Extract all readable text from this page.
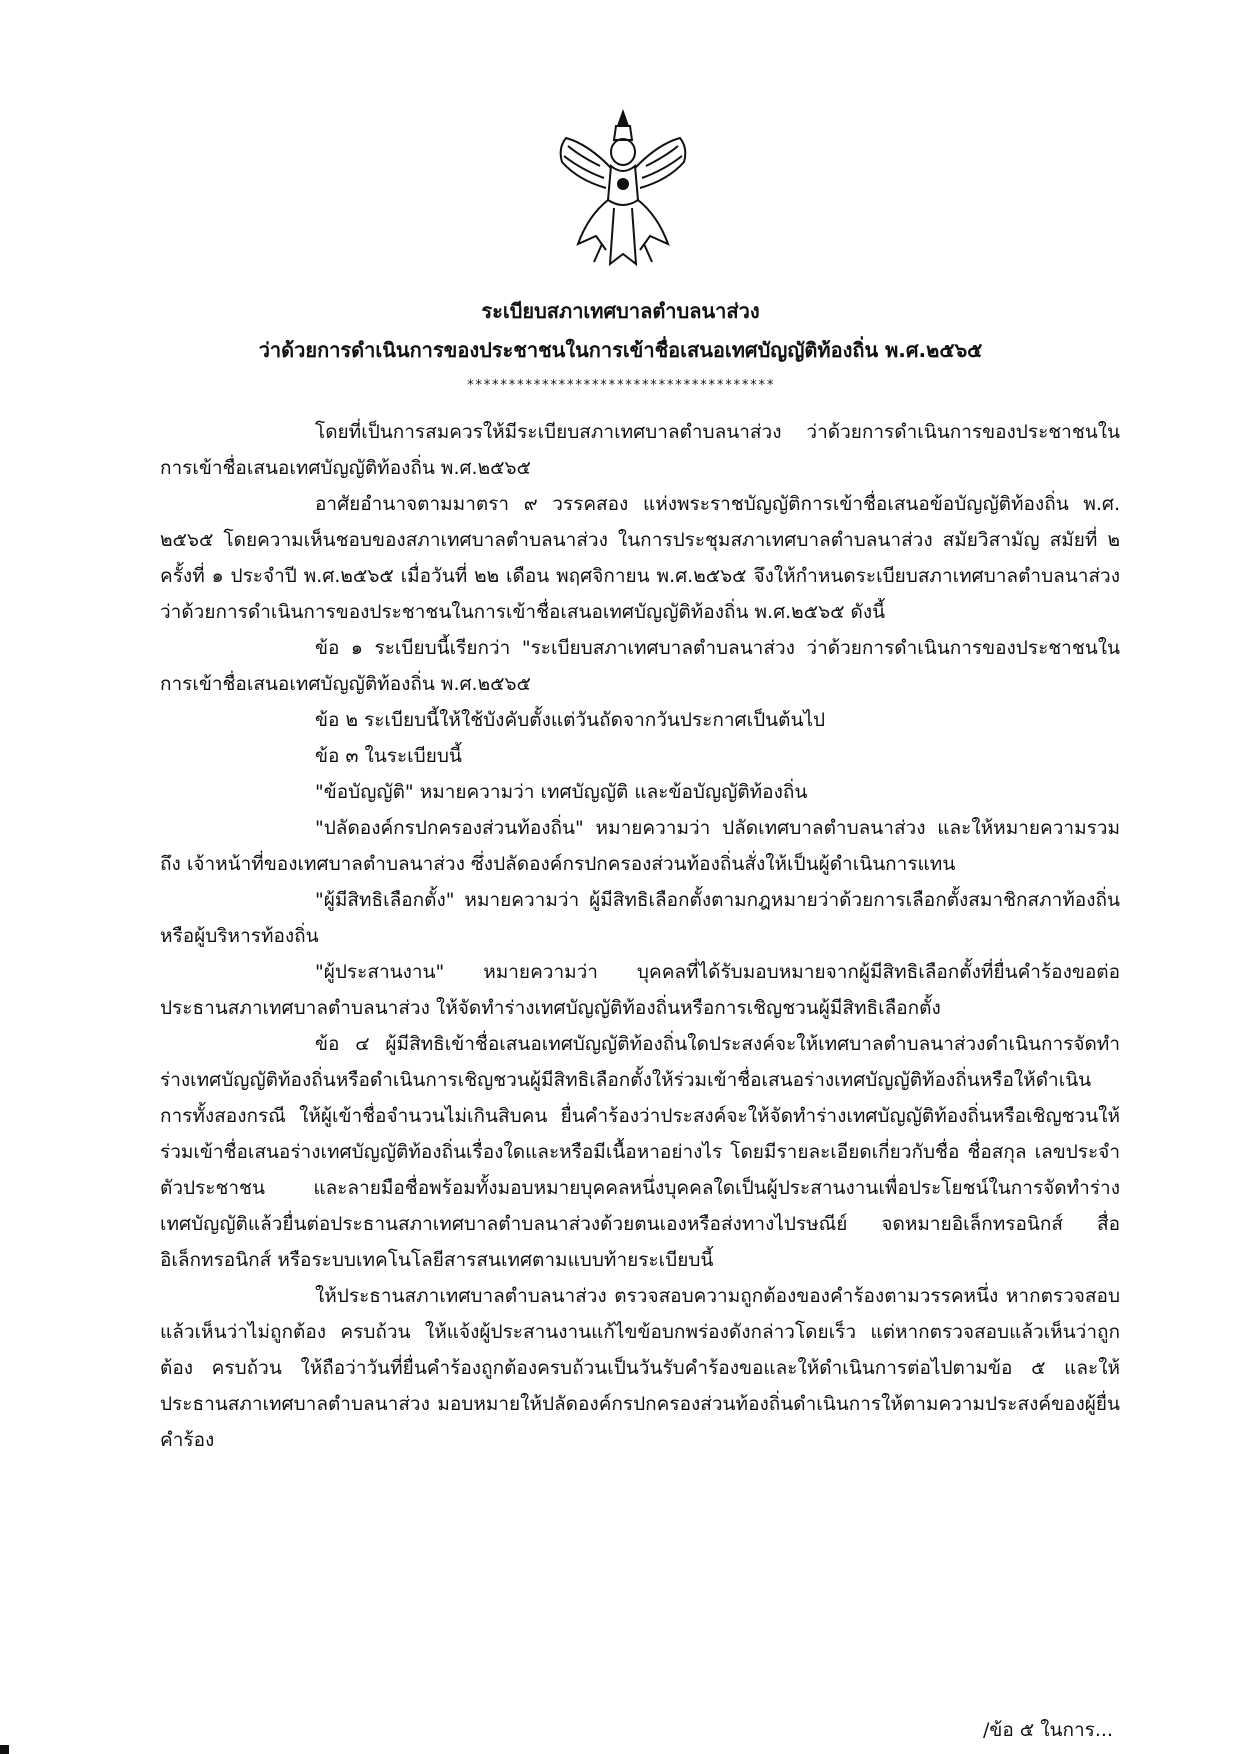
ระเบียบสภาเทศบาลตำบลนาส่วง
ว่าด้วยการดำเนินการของประชาชนในการเข้าชื่อเสนอเทศบัญญัติท้องถิ่น พ.ศ.๒๕๖๕
*************************************

โดยที่เป็นการสมควรให้มีระเบียบสภาเทศบาลตำบลนาส่วง ว่าด้วยการดำเนินการของประชาชนในการเข้าชื่อเสนอเทศบัญญัติท้องถิ่น พ.ศ.๒๕๖๕

อาศัยอำนาจตามมาตรา ๙ วรรคสอง แห่งพระราชบัญญัติการเข้าชื่อเสนอข้อบัญญัติท้องถิ่น พ.ศ. ๒๕๖๕ โดยความเห็นชอบของสภาเทศบาลตำบลนาส่วง ในการประชุมสภาเทศบาลตำบลนาส่วง สมัยวิสามัญ สมัยที่ ๒ ครั้งที่ ๑ ประจำปี พ.ศ.๒๕๖๕ เมื่อวันที่ ๒๒ เดือน พฤศจิกายน พ.ศ.๒๕๖๕ จึงให้กำหนดระเบียบสภาเทศบาลตำบลนาส่วงว่าด้วยการดำเนินการของประชาชนในการเข้าชื่อเสนอเทศบัญญัติท้องถิ่น พ.ศ.๒๕๖๕ ดังนี้

ข้อ ๑ ระเบียบนี้เรียกว่า "ระเบียบสภาเทศบาลตำบลนาส่วง ว่าด้วยการดำเนินการของประชาชนในการเข้าชื่อเสนอเทศบัญญัติท้องถิ่น พ.ศ.๒๕๖๕

ข้อ ๒ ระเบียบนี้ให้ใช้บังคับตั้งแต่วันถัดจากวันประกาศเป็นต้นไป

ข้อ ๓ ในระเบียบนี้

"ข้อบัญญัติ" หมายความว่า เทศบัญญัติ และข้อบัญญัติท้องถิ่น

"ปลัดองค์กรปกครองส่วนท้องถิ่น" หมายความว่า ปลัดเทศบาลตำบลนาส่วง และให้หมายความรวมถึง เจ้าหน้าที่ของเทศบาลตำบลนาส่วง ซึ่งปลัดองค์กรปกครองส่วนท้องถิ่นสั่งให้เป็นผู้ดำเนินการแทน

"ผู้มีสิทธิเลือกตั้ง" หมายความว่า ผู้มีสิทธิเลือกตั้งตามกฎหมายว่าด้วยการเลือกตั้งสมาชิกสภาท้องถิ่นหรือผู้บริหารท้องถิ่น

"ผู้ประสานงาน" หมายความว่า บุคคลที่ได้รับมอบหมายจากผู้มีสิทธิเลือกตั้งที่ยื่นคำร้องขอต่อประธานสภาเทศบาลตำบลนาส่วง ให้จัดทำร่างเทศบัญญัติท้องถิ่นหรือการเชิญชวนผู้มีสิทธิเลือกตั้ง

ข้อ ๔ ผู้มีสิทธิเข้าชื่อเสนอเทศบัญญัติท้องถิ่นใดประสงค์จะให้เทศบาลตำบลนาส่วงดำเนินการจัดทำร่างเทศบัญญัติท้องถิ่นหรือดำเนินการเชิญชวนผู้มีสิทธิเลือกตั้งให้ร่วมเข้าชื่อเสนอร่างเทศบัญญัติท้องถิ่นหรือให้ดำเนินการทั้งสองกรณี ให้ผู้เข้าชื่อจำนวนไม่เกินสิบคน ยื่นคำร้องว่าประสงค์จะให้จัดทำร่างเทศบัญญัติท้องถิ่นหรือเชิญชวนให้ร่วมเข้าชื่อเสนอร่างเทศบัญญัติท้องถิ่นเรื่องใดและหรือมีเนื้อหาอย่างไร โดยมีรายละเอียดเกี่ยวกับชื่อ ชื่อสกุล เลขประจำตัวประชาชน และลายมือชื่อพร้อมทั้งมอบหมายบุคคลหนึ่งบุคคลใดเป็นผู้ประสานงานเพื่อประโยชน์ในการจัดทำร่างเทศบัญญัติแล้วยื่นต่อประธานสภาเทศบาลตำบลนาส่วงด้วยตนเองหรือส่งทางไปรษณีย์ จดหมายอิเล็กทรอนิกส์ สื่ออิเล็กทรอนิกส์ หรือระบบเทคโนโลยีสารสนเทศตามแบบท้ายระเบียบนี้

ให้ประธานสภาเทศบาลตำบลนาส่วง ตรวจสอบความถูกต้องของคำร้องตามวรรคหนึ่ง หากตรวจสอบแล้วเห็นว่าไม่ถูกต้อง ครบถ้วน ให้แจ้งผู้ประสานงานแก้ไขข้อบกพร่องดังกล่าวโดยเร็ว แต่หากตรวจสอบแล้วเห็นว่าถูกต้อง ครบถ้วน ให้ถือว่าวันที่ยื่นคำร้องถูกต้องครบถ้วนเป็นวันรับคำร้องขอและให้ดำเนินการต่อไปตามข้อ ๕ และให้ประธานสภาเทศบาลตำบลนาส่วง มอบหมายให้ปลัดองค์กรปกครองส่วนท้องถิ่นดำเนินการให้ตามความประสงค์ของผู้ยื่นคำร้อง

/ข้อ ๕ ในการ...
